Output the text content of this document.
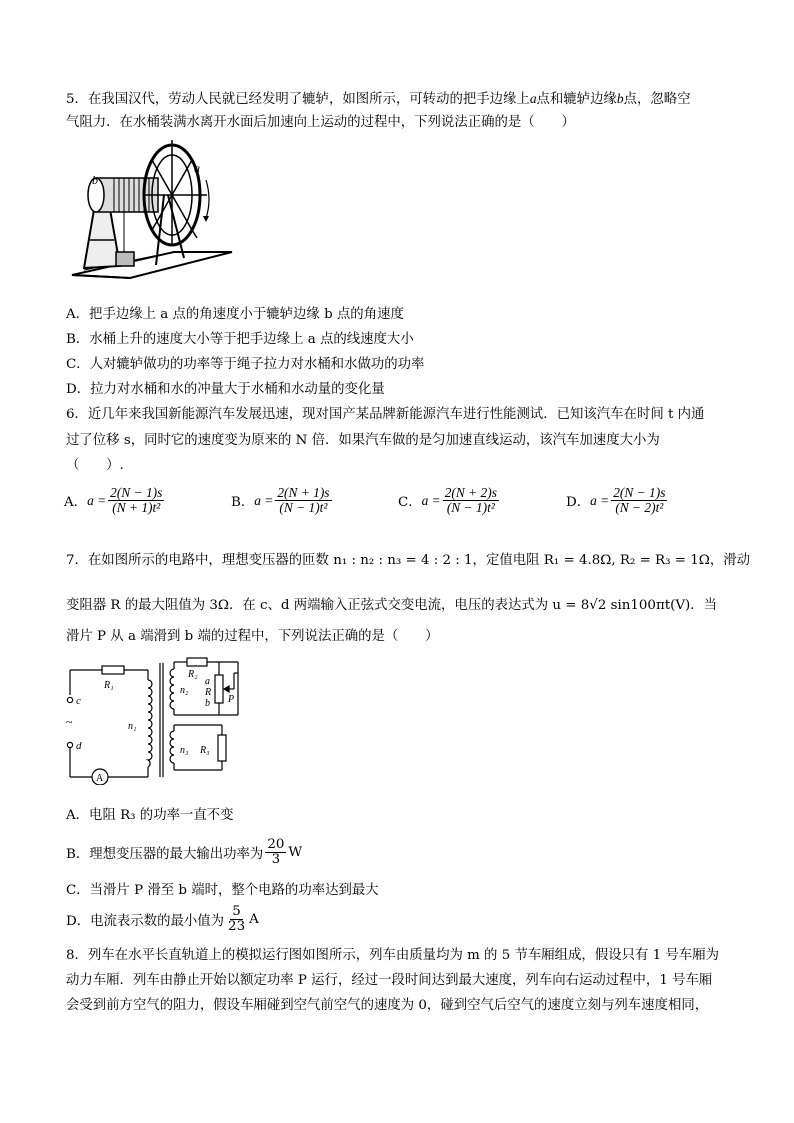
5．在我国汉代，劳动人民就已经发明了辘轳，如图所示，可转动的把手边缘上a点和辘轳边缘b点，忽略空
气阻力．在水桶装满水离开水面后加速向上运动的过程中，下列说法正确的是（　　）
a
b
A．把手边缘上 a 点的角速度小于辘轳边缘 b 点的角速度
B．水桶上升的速度大小等于把手边缘上 a 点的线速度大小
C．人对辘轳做功的功率等于绳子拉力对水桶和水做功的功率
D．拉力对水桶和水的冲量大于水桶和水动量的变化量
6．近几年来我国新能源汽车发展迅速，现对国产某品牌新能源汽车进行性能测试．已知该汽车在时间 t 内通
过了位移 s，同时它的速度变为原来的 N 倍．如果汽车做的是匀加速直线运动，该汽车加速度大小为
（　　）.
A． $a = \frac{2(N - 1)s}{\text{(N + 1)t²}}$	B． $a = \frac{2(N + 1)s}{\text{(N − 1)t²}}$	C． $a = \frac{2(N + 2)s}{\text{(N − 1)t²}}$	D． $a = \frac{2(N - 1)s}{\text{(N − 2)t²}}$
7．在如图所示的电路中，理想变压器的匝数 n₁ : n₂ : n₃ = 4 : 2 : 1，定值电阻 R₁ = 4.8Ω, R₂ = R₃ = 1Ω，滑动
变阻器 R 的最大阻值为 3Ω．在 c、d 两端输入正弦式交变电流，电压的表达式为 u = 8√2 sin100πt(V)．当
滑片 P 从 a 端滑到 b 端的过程中，下列说法正确的是（　　）
A
c
~
d
R₁
n₁
n₂
R₂
a
R
b P
n₃ R₃
A．电阻 R₃ 的功率一直不变
B．理想变压器的最大输出功率为 $\frac{20}{3}$ W
C．当滑片 P 滑至 b 端时，整个电路的功率达到最大
D．电流表示数的最小值为 $\frac{5}{23}$ A
8．列车在水平长直轨道上的模拟运行图如图所示，列车由质量均为 m 的 5 节车厢组成，假设只有 1 号车厢为
动力车厢．列车由静止开始以额定功率 P 运行，经过一段时间达到最大速度，列车向右运动过程中，1 号车厢
会受到前方空气的阻力，假设车厢碰到空气前空气的速度为 0，碰到空气后空气的速度立刻与列车速度相同，
